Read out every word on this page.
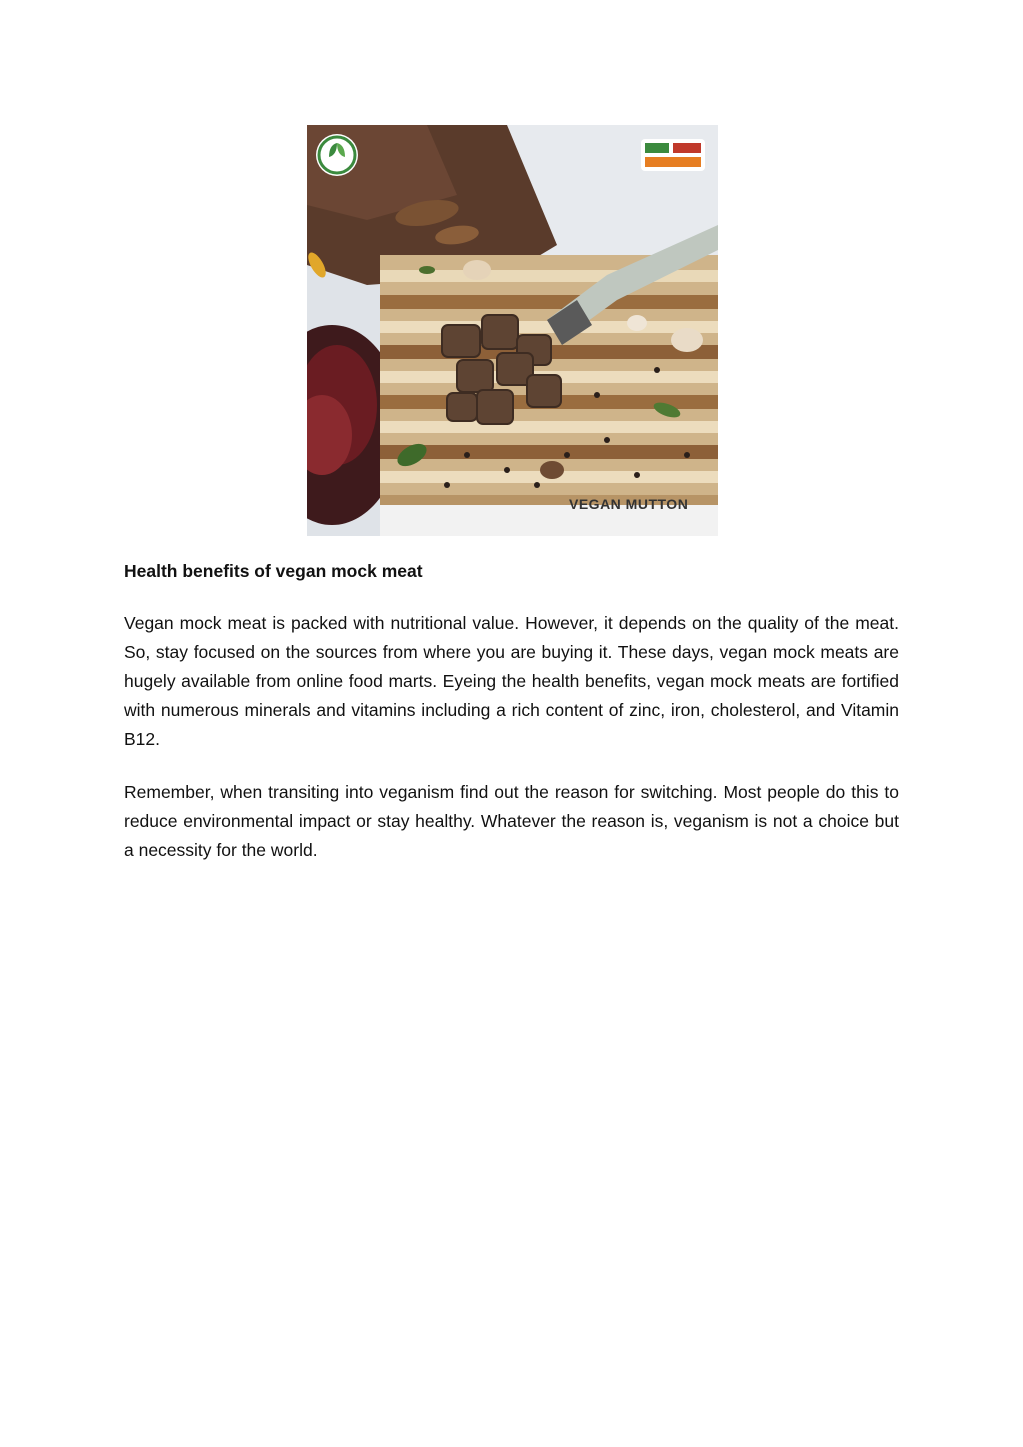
VEGAN MUTTON
Health benefits of vegan mock meat

Vegan mock meat is packed with nutritional value. However, it depends on the quality of the meat. So, stay focused on the sources from where you are buying it. These days, vegan mock meats are hugely available from online food marts. Eyeing the health benefits, vegan mock meats are fortified with numerous minerals and vitamins including a rich content of zinc, iron, cholesterol, and Vitamin B12.

Remember, when transiting into veganism find out the reason for switching. Most people do this to reduce environmental impact or stay healthy. Whatever the reason is, veganism is not a choice but a necessity for the world.
